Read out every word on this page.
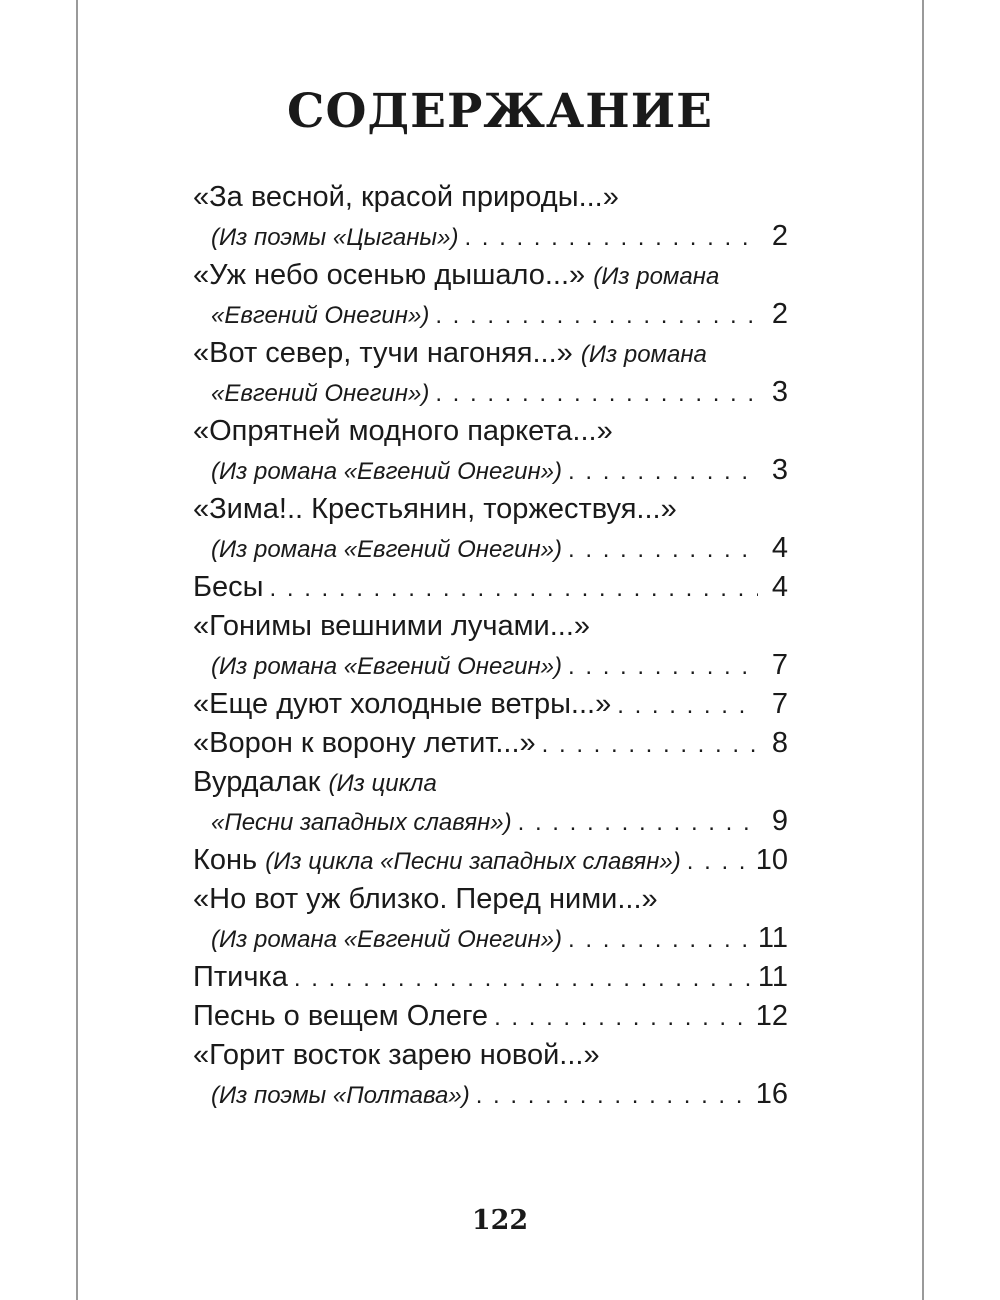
СОДЕРЖАНИЕ
«За весной, красой природы...»
(Из поэмы «Цыганы») . . .	2
«Уж небо осенью дышало...»
(Из романа
«Евгений Онегин») . . .	2
«Вот север, тучи нагоняя...»
(Из романа
«Евгений Онегин») . . .	3
«Опрятней модного паркета...»
(Из романа «Евгений Онегин») . . .	3
«Зима!.. Крестьянин, торжествуя...»
(Из романа «Евгений Онегин») . . .	4
Бесы . . .	4
«Гонимы вешними лучами...»
(Из романа «Евгений Онегин») . . .	7
«Еще дуют холодные ветры...» . . .	7
«Ворон к ворону летит...» . . .	8
Вурдалак
(Из цикла
«Песни западных славян») . . .	9
Конь
(Из цикла «Песни западных славян») . . .	10
«Но вот уж близко. Перед ними...»
(Из романа «Евгений Онегин») . . .	11
Птичка . . .	11
Песнь о вещем Олеге . . .	12
«Горит восток зарею новой...»
(Из поэмы «Полтава») . . .	16
122
